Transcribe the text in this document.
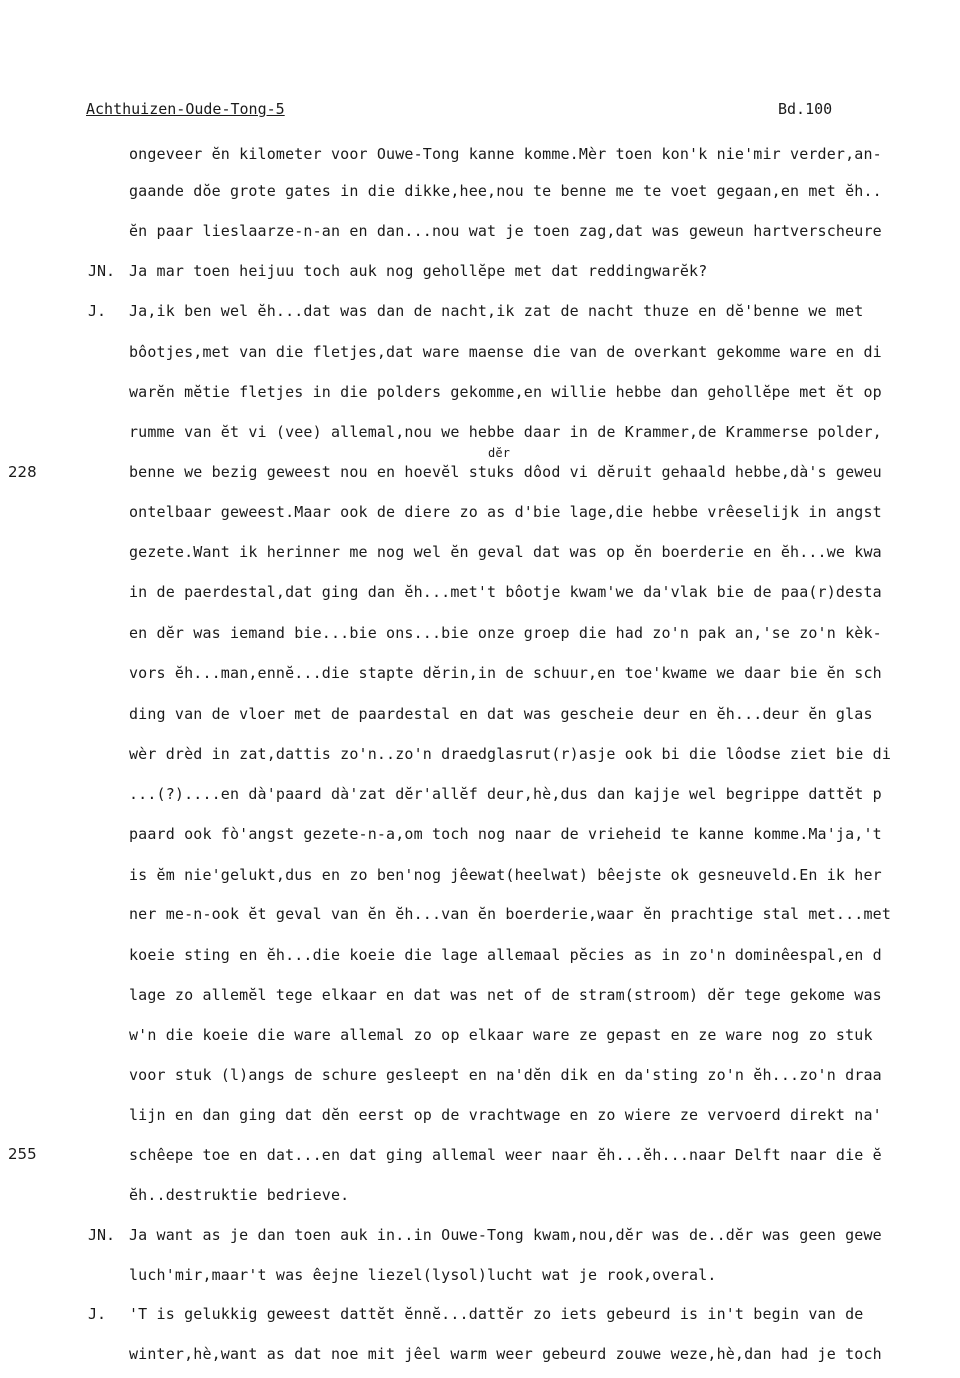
Achthuizen-Oude-Tong-5	Bd.100
228
255
dĕr
ongeveer ĕn kilometer voor Ouwe-Tong kanne komme.Mèr toen kon'k nie'mir verder,an-
gaande dŏe grote gates in die dikke,hee,nou te benne me te voet gegaan,en met ĕh..
ĕn paar lieslaarze-n-an en dan...nou wat je toen zag,dat was geweun hartverscheure
JN. Ja mar toen heijuu toch auk nog gehollĕpe met dat reddingwarĕk?
J. Ja,ik ben wel ĕh...dat was dan de nacht,ik zat de nacht thuze en dĕ'benne we met
bôotjes,met van die fletjes,dat ware maense die van de overkant gekomme ware en di
warĕn mĕtie fletjes in die polders gekomme,en willie hebbe dan gehollĕpe met ĕt op
rumme van ĕt vi (vee) allemal,nou we hebbe daar in de Krammer,de Krammerse polder,
benne we bezig geweest nou en hoevĕl stuks dôod vi dĕruit gehaald hebbe,dà's geweu
ontelbaar geweest.Maar ook de diere zo as d'bie lage,die hebbe vrêeselijk in angst
gezete.Want ik herinner me nog wel ĕn geval dat was op ĕn boerderie en ĕh...we kwa
in de paerdestal,dat ging dan ĕh...met't bôotje kwam'we da'vlak bie de paa(r)desta
en dĕr was iemand bie...bie ons...bie onze groep die had zo'n pak an,'se zo'n kèk-
vors ĕh...man,ennĕ...die stapte dĕrin,in de schuur,en toe'kwame we daar bie ĕn sch
ding van de vloer met de paardestal en dat was gescheie deur en ĕh...deur ĕn glas
wèr drèd in zat,dattis zo'n..zo'n draedglasrut(r)asje ook bi die lôodse ziet bie di
...(?)....en dà'paard dà'zat dĕr'allĕf deur,hè,dus dan kajje wel begrippe dattĕt p
paard ook fò'angst gezete-n-a,om toch nog naar de vrieheid te kanne komme.Ma'ja,'t
is ĕm nie'gelukt,dus en zo ben'nog jêewat(heelwat) bêejste ok gesneuveld.En ik her
ner me-n-ook ĕt geval van ĕn ĕh...van ĕn boerderie,waar ĕn prachtige stal met...met
koeie sting en ĕh...die koeie die lage allemaal pĕcies as in zo'n dominêespal,en d
lage zo allemĕl tege elkaar en dat was net of de stram(stroom) dĕr tege gekome was
w'n die koeie die ware allemal zo op elkaar ware ze gepast en ze ware nog zo stuk
voor stuk (l)angs de schure gesleept en na'dĕn dik en da'sting zo'n ĕh...zo'n draa
lijn en dan ging dat dĕn eerst op de vrachtwage en zo wiere ze vervoerd direkt na'
schêepe toe en dat...en dat ging allemal weer naar ĕh...ĕh...naar Delft naar die ĕ
ĕh..destruktie bedrieve.
JN. Ja want as je dan toen auk in..in Ouwe-Tong kwam,nou,dĕr was de..dĕr was geen gewe
luch'mir,maar't was êejne liezel(lysol)lucht wat je rook,overal.
J. 'T is gelukkig geweest dattĕt ĕnnĕ...dattĕr zo iets gebeurd is in't begin van de
winter,hè,want as dat noe mit jêel warm weer gebeurd zouwe weze,hè,dan had je toch
